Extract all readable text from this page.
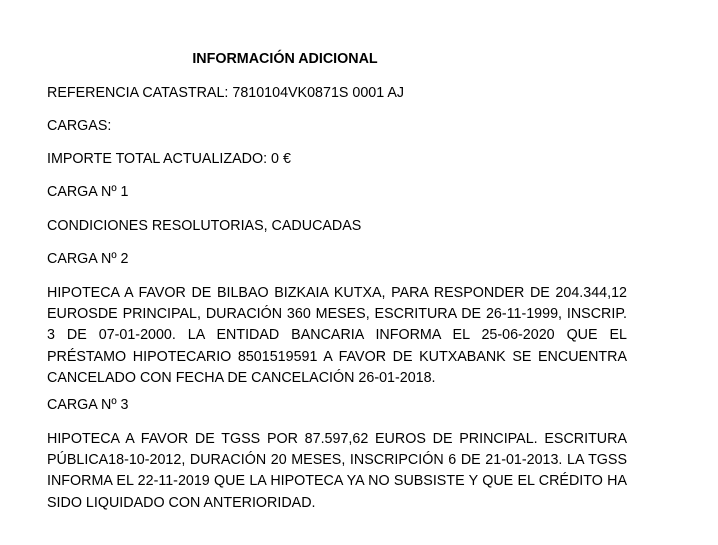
INFORMACIÓN ADICIONAL
REFERENCIA CATASTRAL: 7810104VK0871S 0001 AJ
CARGAS:
IMPORTE TOTAL ACTUALIZADO: 0 €
CARGA Nº 1
CONDICIONES RESOLUTORIAS, CADUCADAS
CARGA Nº 2
HIPOTECA A FAVOR DE BILBAO BIZKAIA KUTXA, PARA RESPONDER DE 204.344,12 EUROSDE PRINCIPAL, DURACIÓN 360 MESES, ESCRITURA DE 26-11-1999, INSCRIP. 3 DE 07-01-2000. LA ENTIDAD BANCARIA INFORMA EL 25-06-2020 QUE EL PRÉSTAMO HIPOTECARIO 8501519591 A FAVOR DE KUTXABANK SE ENCUENTRA CANCELADO CON FECHA DE CANCELACIÓN 26-01-2018.
CARGA Nº 3
HIPOTECA A FAVOR DE TGSS POR 87.597,62 EUROS DE PRINCIPAL. ESCRITURA PÚBLICA18-10-2012, DURACIÓN 20 MESES, INSCRIPCIÓN 6 DE 21-01-2013. LA TGSS INFORMA EL 22-11-2019 QUE LA HIPOTECA YA NO SUBSISTE Y QUE EL CRÉDITO HA SIDO LIQUIDADO CON ANTERIORIDAD.
